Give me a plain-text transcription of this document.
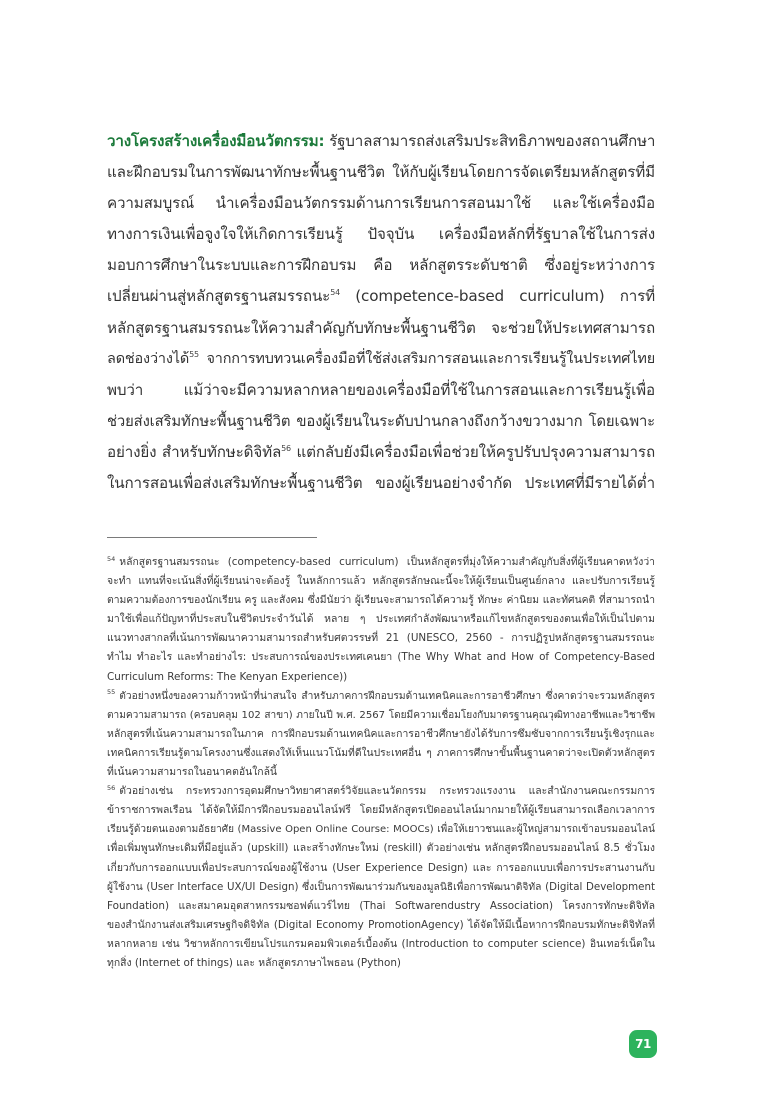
วางโครงสร้างเครื่องมือนวัตกรรม: รัฐบาลสามารถส่งเสริมประสิทธิภาพของสถานศึกษา
และฝึกอบรมในการพัฒนาทักษะพื้นฐานชีวิต ให้กับผู้เรียนโดยการจัดเตรียมหลักสูตรที่มี
ความสมบูรณ์ นำเครื่องมือนวัตกรรมด้านการเรียนการสอนมาใช้ และใช้เครื่องมือ
ทางการเงินเพื่อจูงใจให้เกิดการเรียนรู้ ปัจจุบัน เครื่องมือหลักที่รัฐบาลใช้ในการส่ง
มอบการศึกษาในระบบและการฝึกอบรม คือ หลักสูตรระดับชาติ ซึ่งอยู่ระหว่างการ
เปลี่ยนผ่านสู่หลักสูตรฐานสมรรถนะ$^{54}$ (competence-based curriculum) การที่
หลักสูตรฐานสมรรถนะให้ความสำคัญกับทักษะพื้นฐานชีวิต จะช่วยให้ประเทศสามารถ
ลดช่องว่างได้$^{55}$ จากการทบทวนเครื่องมือที่ใช้ส่งเสริมการสอนและการเรียนรู้ในประเทศไทย
พบว่า แม้ว่าจะมีความหลากหลายของเครื่องมือที่ใช้ในการสอนและการเรียนรู้เพื่อ
ช่วยส่งเสริมทักษะพื้นฐานชีวิต ของผู้เรียนในระดับปานกลางถึงกว้างขวางมาก โดยเฉพาะ
อย่างยิ่ง สำหรับทักษะดิจิทัล$^{56}$ แต่กลับยังมีเครื่องมือเพื่อช่วยให้ครูปรับปรุงความสามารถ
ในการสอนเพื่อส่งเสริมทักษะพื้นฐานชีวิต ของผู้เรียนอย่างจำกัด ประเทศที่มีรายได้ต่ำ
$^{54}$ หลักสูตรฐานสมรรถนะ (competency-based curriculum) เป็นหลักสูตรที่มุ่งให้ความสำคัญกับสิ่งที่ผู้เรียนคาดหวังว่า
จะทำ แทนที่จะเน้นสิ่งที่ผู้เรียนน่าจะต้องรู้ ในหลักการแล้ว หลักสูตรลักษณะนี้จะให้ผู้เรียนเป็นศูนย์กลาง และปรับการเรียนรู้
ตามความต้องการของนักเรียน ครู และสังคม ซึ่งมีนัยว่า ผู้เรียนจะสามารถได้ความรู้ ทักษะ ค่านิยม และทัศนคติ ที่สามารถนำ
มาใช้เพื่อแก้ปัญหาที่ประสบในชีวิตประจำวันได้ หลาย ๆ ประเทศกำลังพัฒนาหรือแก้ไขหลักสูตรของตนเพื่อให้เป็นไปตาม
แนวทางสากลที่เน้นการพัฒนาความสามารถสำหรับศตวรรษที่ 21 (UNESCO, 2560 - การปฏิรูปหลักสูตรฐานสมรรถนะ
ทำไม ทำอะไร และทำอย่างไร: ประสบการณ์ของประเทศเคนยา (The Why What and How of Competency-Based
Curriculum Reforms: The Kenyan Experience))
$^{55}$ ตัวอย่างหนึ่งของความก้าวหน้าที่น่าสนใจ สำหรับภาคการฝึกอบรมด้านเทคนิคและการอาชีวศึกษา ซึ่งคาดว่าจะรวมหลักสูตร
ตามความสามารถ (ครอบคลุม 102 สาขา) ภายในปี พ.ศ. 2567 โดยมีความเชื่อมโยงกับมาตรฐานคุณวุฒิทางอาชีพและวิชาชีพ
หลักสูตรที่เน้นความสามารถในภาค การฝึกอบรมด้านเทคนิคและการอาชีวศึกษายังได้รับการซึมซับจากการเรียนรู้เชิงรุกและ
เทคนิคการเรียนรู้ตามโครงงานซึ่งแสดงให้เห็นแนวโน้มที่ดีในประเทศอื่น ๆ ภาคการศึกษาขั้นพื้นฐานคาดว่าจะเปิดตัวหลักสูตร
ที่เน้นความสามารถในอนาคตอันใกล้นี้
$^{56}$ ตัวอย่างเช่น กระทรวงการอุดมศึกษาวิทยาศาสตร์วิจัยและนวัตกรรม กระทรวงแรงงาน และสำนักงานคณะกรรมการ
ข้าราชการพลเรือน ได้จัดให้มีการฝึกอบรมออนไลน์ฟรี โดยมีหลักสูตรเปิดออนไลน์มากมายให้ผู้เรียนสามารถเลือกเวลาการ
เรียนรู้ด้วยตนเองตามอัธยาศัย (Massive Open Online Course: MOOCs) เพื่อให้เยาวชนและผู้ใหญ่สามารถเข้าอบรมออนไลน์
เพื่อเพิ่มพูนทักษะเดิมที่มีอยู่แล้ว (upskill) และสร้างทักษะใหม่ (reskill) ตัวอย่างเช่น หลักสูตรฝึกอบรมออนไลน์ 8.5 ชั่วโมง
เกี่ยวกับการออกแบบเพื่อประสบการณ์ของผู้ใช้งาน (User Experience Design) และ การออกแบบเพื่อการประสานงานกับ
ผู้ใช้งาน (User Interface UX/UI Design) ซึ่งเป็นการพัฒนาร่วมกันของมูลนิธิเพื่อการพัฒนาดิจิทัล (Digital Development
Foundation) และสมาคมอุตสาหกรรมซอฟต์แวร์ไทย (Thai Softwarendustry Association) โครงการทักษะดิจิทัล
ของสำนักงานส่งเสริมเศรษฐกิจดิจิทัล (Digital Economy PromotionAgency) ได้จัดให้มีเนื้อหาการฝึกอบรมทักษะดิจิทัลที่
หลากหลาย เช่น วิชาหลักการเขียนโปรแกรมคอมพิวเตอร์เบื้องต้น (Introduction to computer science) อินเทอร์เน็ตใน
ทุกสิ่ง (Internet of things) และ หลักสูตรภาษาไพธอน (Python)
71
